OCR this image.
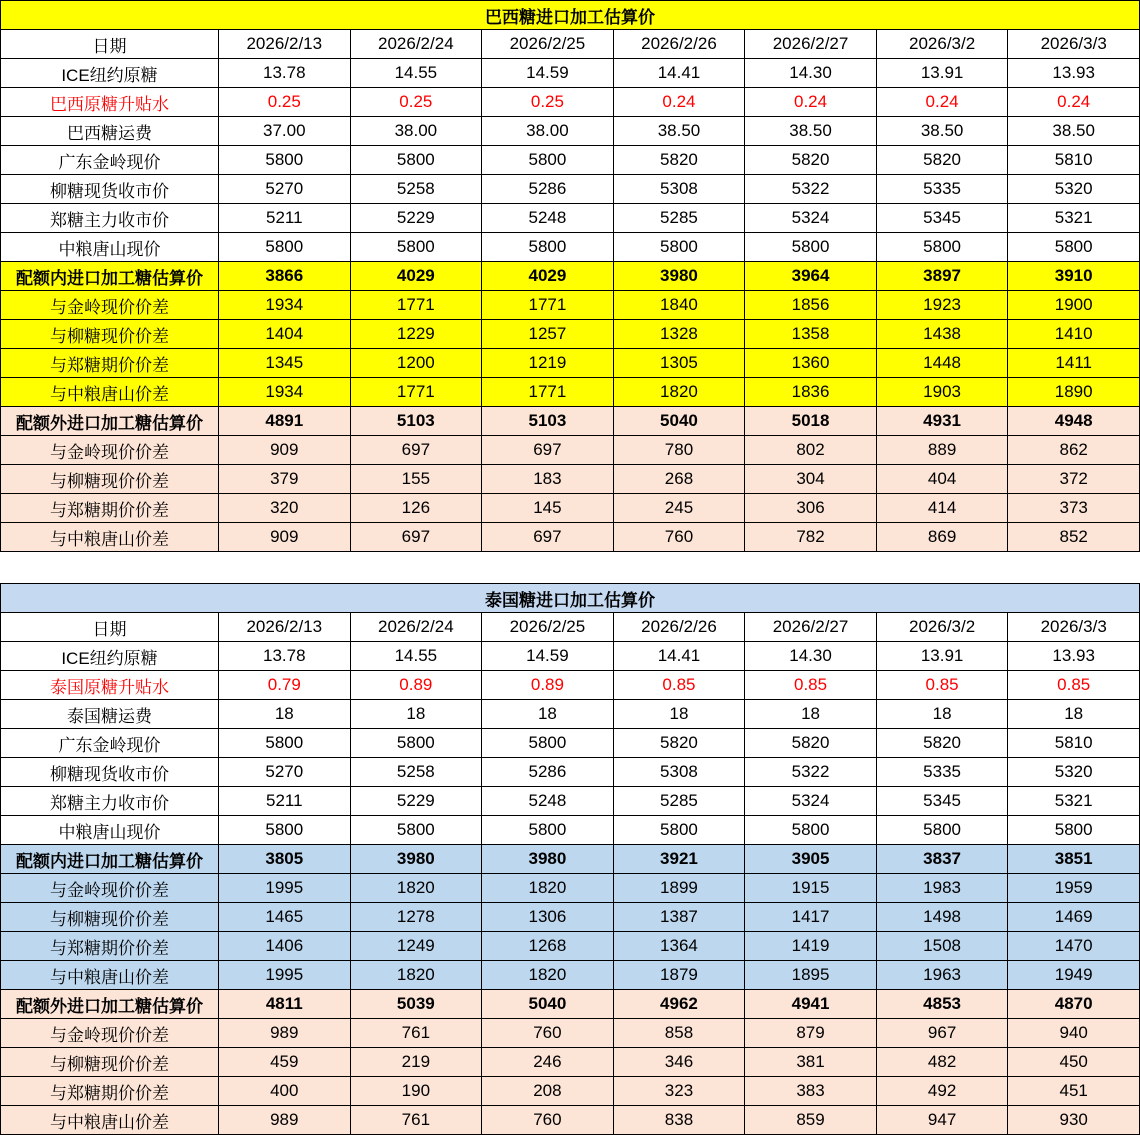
巴西糖进口加工估算价							
日期	2026/2/13	2026/2/24	2026/2/25	2026/2/26	2026/2/27	2026/3/2	2026/3/3
ICE纽约原糖	13.78	14.55	14.59	14.41	14.30	13.91	13.93
巴西原糖升贴水	0.25	0.25	0.25	0.24	0.24	0.24	0.24
巴西糖运费	37.00	38.00	38.00	38.50	38.50	38.50	38.50
广东金岭现价	5800	5800	5800	5820	5820	5820	5810
柳糖现货收市价	5270	5258	5286	5308	5322	5335	5320
郑糖主力收市价	5211	5229	5248	5285	5324	5345	5321
中粮唐山现价	5800	5800	5800	5800	5800	5800	5800
配额内进口加工糖估算价	3866	4029	4029	3980	3964	3897	3910
与金岭现价价差	1934	1771	1771	1840	1856	1923	1900
与柳糖现价价差	1404	1229	1257	1328	1358	1438	1410
与郑糖期价价差	1345	1200	1219	1305	1360	1448	1411
与中粮唐山价差	1934	1771	1771	1820	1836	1903	1890
配额外进口加工糖估算价	4891	5103	5103	5040	5018	4931	4948
与金岭现价价差	909	697	697	780	802	889	862
与柳糖现价价差	379	155	183	268	304	404	372
与郑糖期价价差	320	126	145	245	306	414	373
与中粮唐山价差	909	697	697	760	782	869	852
泰国糖进口加工估算价							
日期	2026/2/13	2026/2/24	2026/2/25	2026/2/26	2026/2/27	2026/3/2	2026/3/3
ICE纽约原糖	13.78	14.55	14.59	14.41	14.30	13.91	13.93
泰国原糖升贴水	0.79	0.89	0.89	0.85	0.85	0.85	0.85
泰国糖运费	18	18	18	18	18	18	18
广东金岭现价	5800	5800	5800	5820	5820	5820	5810
柳糖现货收市价	5270	5258	5286	5308	5322	5335	5320
郑糖主力收市价	5211	5229	5248	5285	5324	5345	5321
中粮唐山现价	5800	5800	5800	5800	5800	5800	5800
配额内进口加工糖估算价	3805	3980	3980	3921	3905	3837	3851
与金岭现价价差	1995	1820	1820	1899	1915	1983	1959
与柳糖现价价差	1465	1278	1306	1387	1417	1498	1469
与郑糖期价价差	1406	1249	1268	1364	1419	1508	1470
与中粮唐山价差	1995	1820	1820	1879	1895	1963	1949
配额外进口加工糖估算价	4811	5039	5040	4962	4941	4853	4870
与金岭现价价差	989	761	760	858	879	967	940
与柳糖现价价差	459	219	246	346	381	482	450
与郑糖期价价差	400	190	208	323	383	492	451
与中粮唐山价差	989	761	760	838	859	947	930
